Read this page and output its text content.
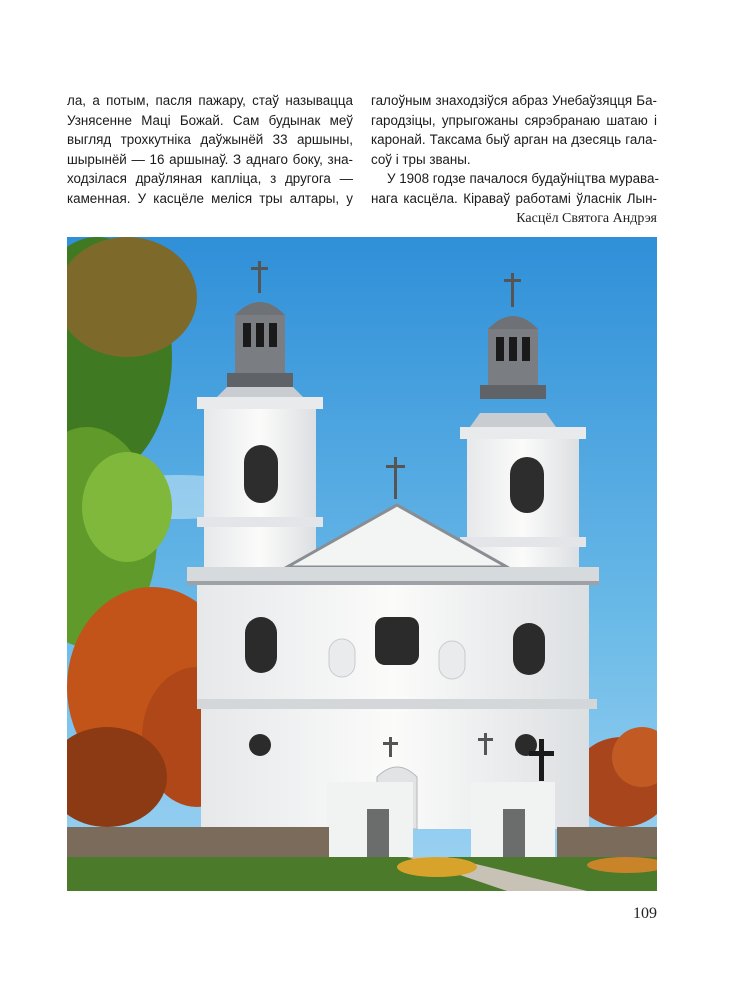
ла, а потым, пасля пажару, стаў называцца
Узнясенне Маці Божай. Сам будынак меў
выгляд трохкутніка даўжынёй 33 аршыны,
шырынёй — 16 аршынаў. З аднаго боку, зна-
ходзілася драўляная капліца, з другога —
каменная. У касцёле меліся тры алтары, у
галоўным знаходзіўся абраз Унебаўзяцця Ба-
гародзіцы, упрыгожаны сярэбранаю шатаю і
каронай. Таксама быў арган на дзесяць гала-
соў і тры званы.
У 1908 годзе пачалося будаўніцтва мурава-
нага касцёла. Кіраваў работамі ўласнік Лын-
Касцёл Святога Андрэя
109
